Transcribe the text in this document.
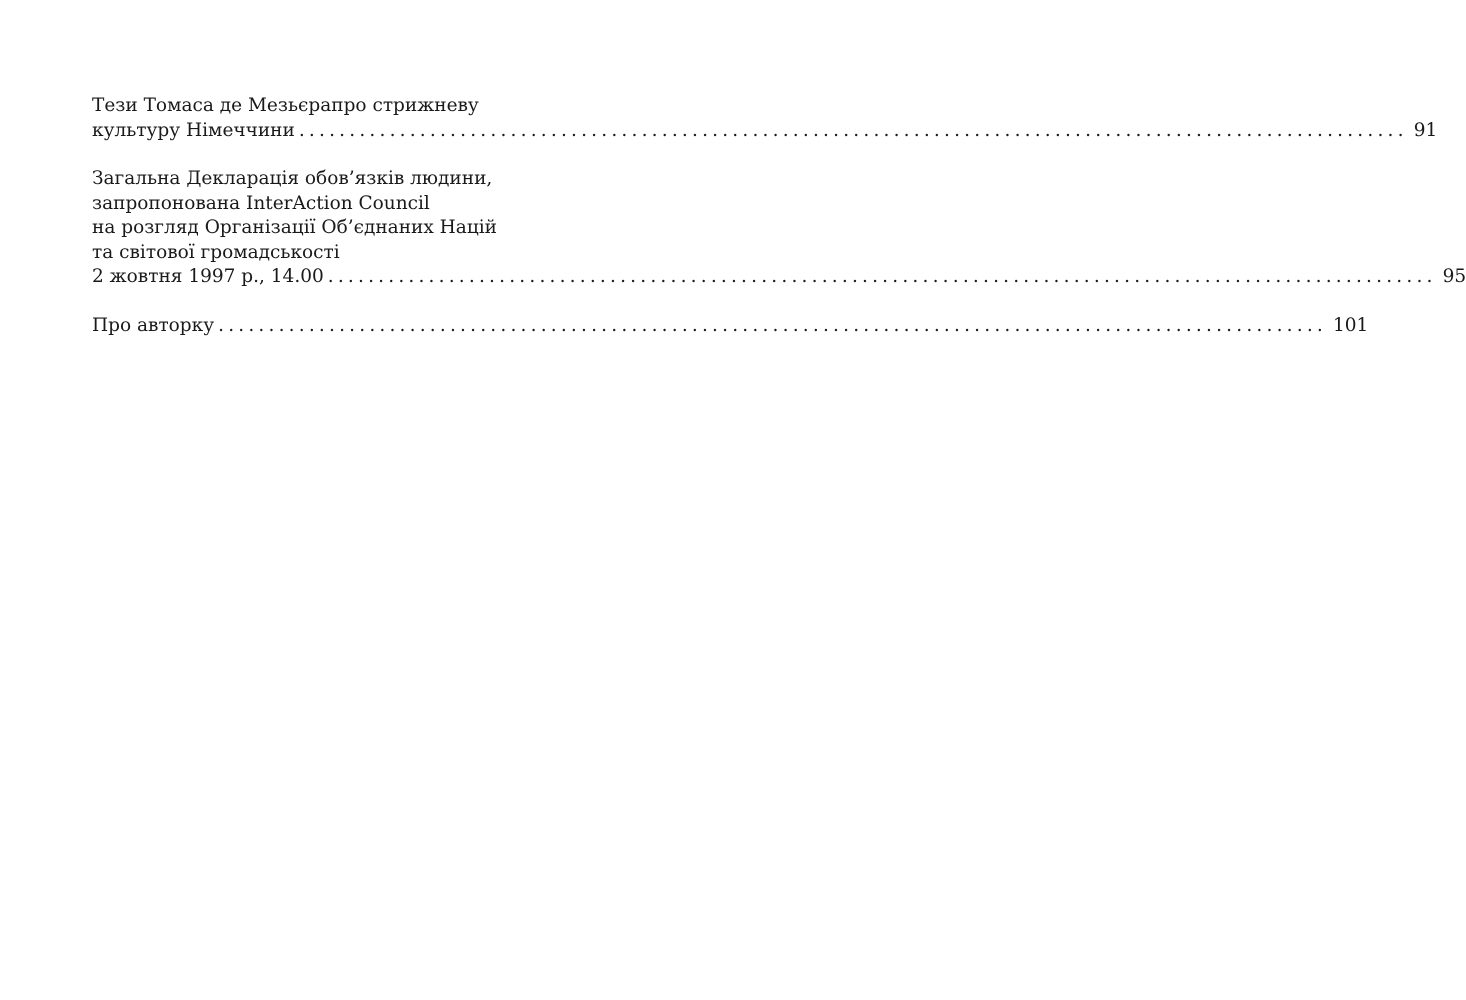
Тези Томаса де Мезьєрапро стрижневу
культуру Німеччини .............................................................................................................. 91
Загальна Декларація обов’язків людини,
запропонована InterAction Council
на розгляд Організації Об’єднаних Націй
та світової громадськості
2 жовтня 1997 р., 14.00 .............................................................................................................. 95
Про авторку .............................................................................................................. 101
